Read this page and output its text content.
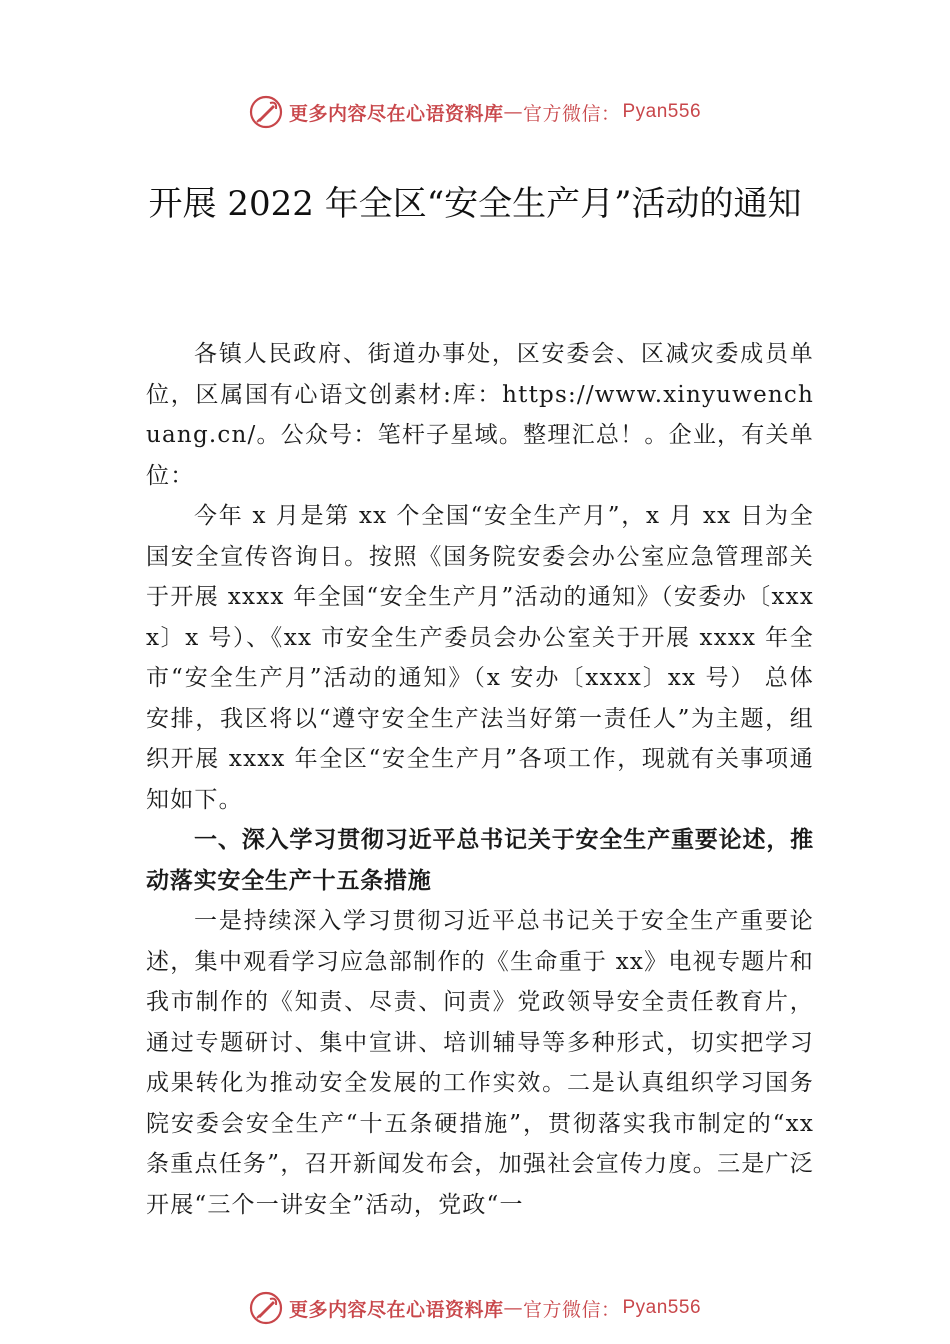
更多内容尽在心语资料库 — 官方微信： Pyan556
开展 2022 年全区“安全生产月”活动的通知

各镇人民政府、街道办事处，区安委会、区减灾委成员单位，区属国有心语文创素材:库：https://www.xinyuwenchuang.cn/。公众号：笔杆子星域。整理汇总！。企业，有关单位：

今年 x 月是第 xx 个全国“安全生产月”，x 月 xx 日为全国安全宣传咨询日。按照《国务院安委会办公室应急管理部关于开展 xxxx 年全国“安全生产月”活动的通知》（安委办〔xxxx〕x 号）、《xx 市安全生产委员会办公室关于开展 xxxx 年全市“安全生产月”活动的通知》（x 安办〔xxxx〕xx 号） 总体安排，我区将以“遵守安全生产法当好第一责任人”为主题，组织开展 xxxx 年全区“安全生产月”各项工作，现就有关事项通知如下。

一、深入学习贯彻习近平总书记关于安全生产重要论述，推动落实安全生产十五条措施

一是持续深入学习贯彻习近平总书记关于安全生产重要论述，集中观看学习应急部制作的《生命重于 xx》电视专题片和我市制作的《知责、尽责、问责》党政领导安全责任教育片，通过专题研讨、集中宣讲、培训辅导等多种形式，切实把学习成果转化为推动安全发展的工作实效。二是认真组织学习国务院安委会安全生产“十五条硬措施”，贯彻落实我市制定的“xx 条重点任务”，召开新闻发布会，加强社会宣传力度。三是广泛开展“三个一讲安全”活动，党政“一

更多内容尽在心语资料库 — 官方微信： Pyan556
